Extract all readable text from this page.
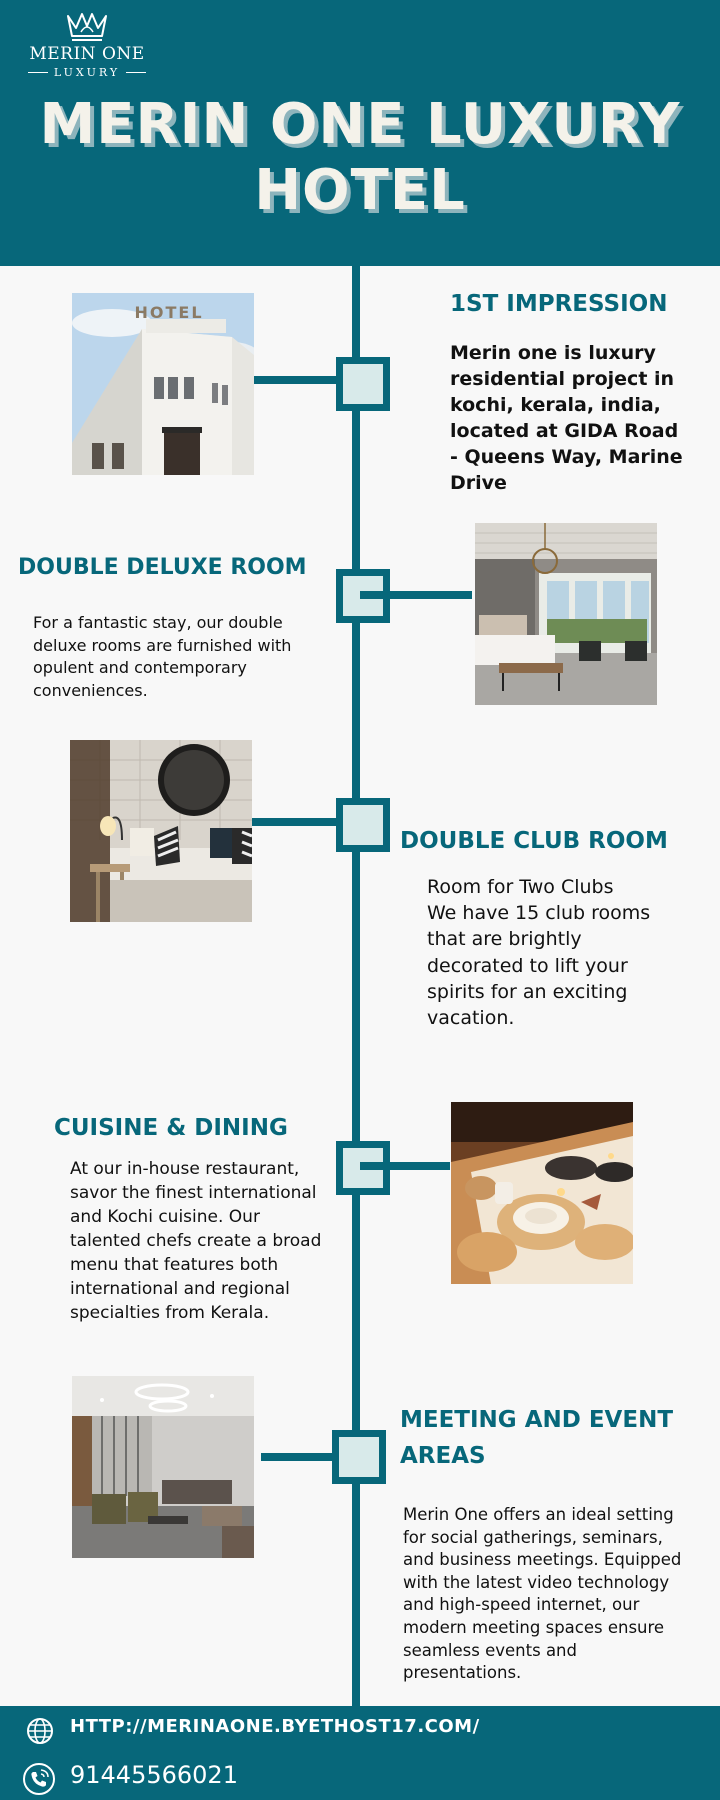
MERIN ONE
LUXURY
MERIN ONE LUXURY HOTEL
HOTEL	1ST IMPRESSION

Merin one is luxury residential project in kochi, kerala, india, located at GIDA Road - Queens Way, Marine Drive

DOUBLE DELUXE ROOM

For a fantastic stay, our double deluxe rooms are furnished with opulent and contemporary conveniences.

DOUBLE CLUB ROOM

Room for Two Clubs
We have 15 club rooms that are brightly decorated to lift your spirits for an exciting vacation.

CUISINE & DINING

At our in-house restaurant, savor the finest international and Kochi cuisine. Our talented chefs create a broad menu that features both international and regional specialties from Kerala.

MEETING AND EVENT AREAS

Merin One offers an ideal setting for social gatherings, seminars, and business meetings. Equipped with the latest video technology and high-speed internet, our modern meeting spaces ensure seamless events and presentations.

HTTP://MERINAONE.BYETHOST17.COM/
91445566021
